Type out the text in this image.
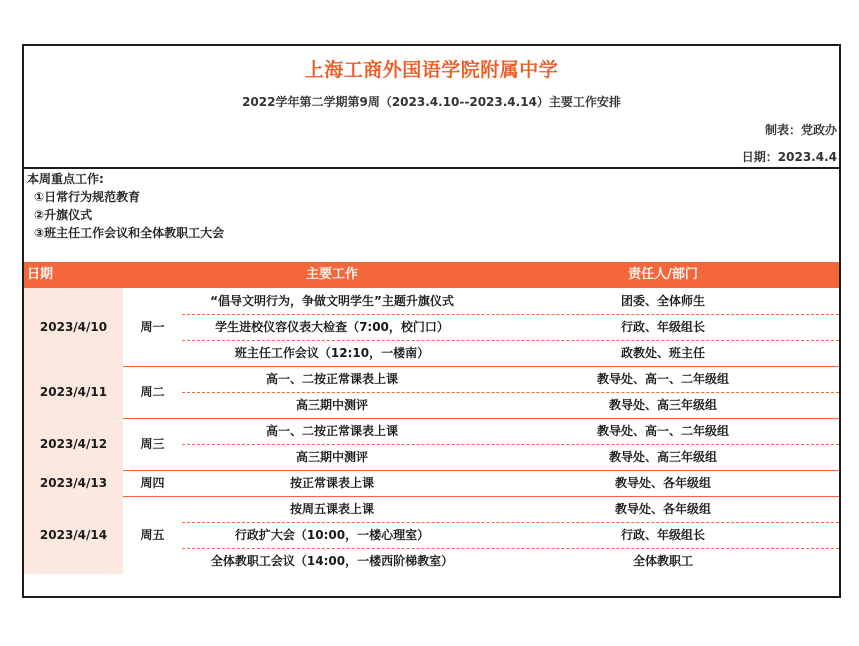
上海工商外国语学院附属中学
2022学年第二学期第9周（2023.4.10--2023.4.14）主要工作安排
制表：党政办
日期：2023.4.4
本周重点工作:
①日常行为规范教育
②升旗仪式
③班主任工作会议和全体教职工大会
日期	主要工作	责任人/部门
2023/4/10	周一
“倡导文明行为，争做文明学生”主题升旗仪式	团委、全体师生
学生进校仪容仪表大检查（7:00，校门口）	行政、年级组长
班主任工作会议（12:10，一楼南）	政教处、班主任
2023/4/11	周二
高一、二按正常课表上课	教导处、高一、二年级组
高三期中测评	教导处、高三年级组
2023/4/12	周三
高一、二按正常课表上课	教导处、高一、二年级组
高三期中测评	教导处、高三年级组
2023/4/13	周四	按正常课表上课	教导处、各年级组
2023/4/14	周五
按周五课表上课	教导处、各年级组
行政扩大会（10:00，一楼心理室）	行政、年级组长
全体教职工会议（14:00，一楼西阶梯教室）	全体教职工
